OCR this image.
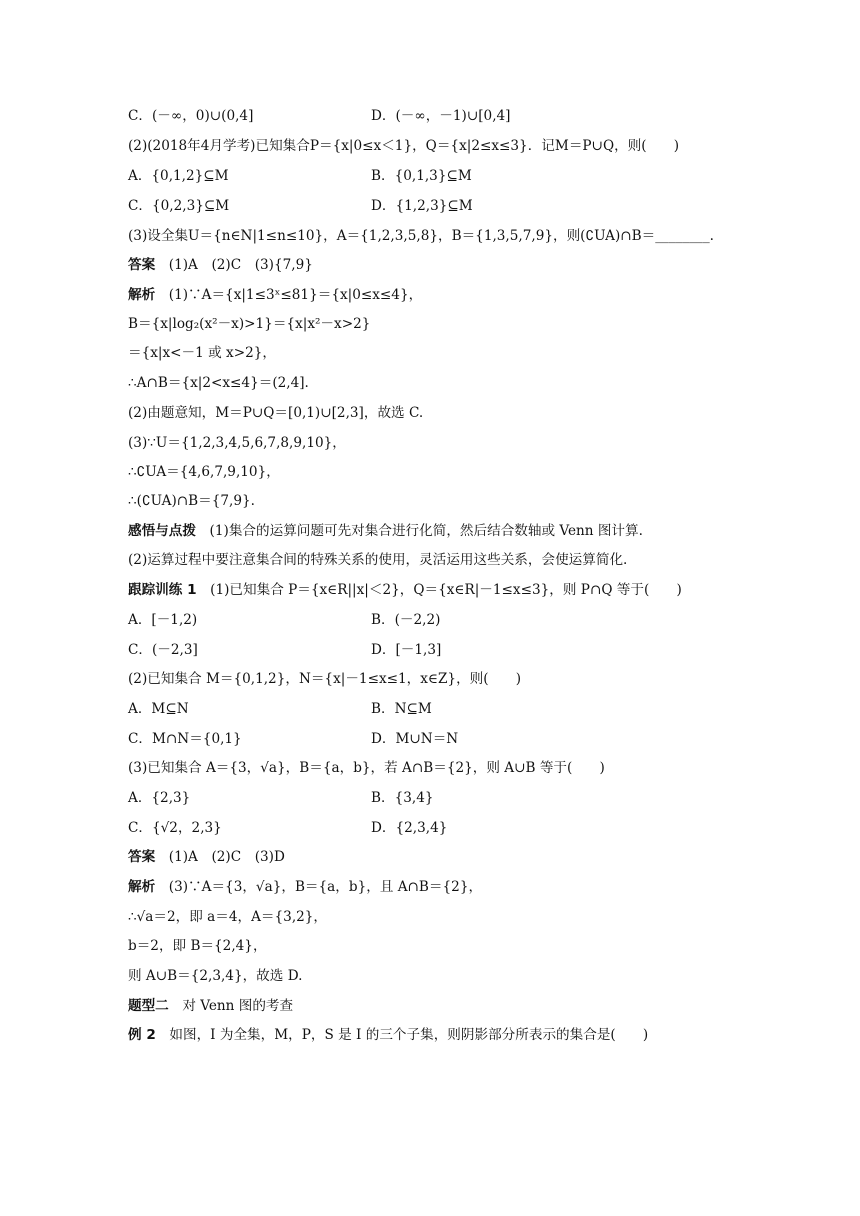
C．(－∞，0)∪(0,4]	D．(－∞，－1)∪[0,4]
(2)(2018年4月学考)已知集合P＝{x|0≤x＜1}，Q＝{x|2≤x≤3}．记M＝P∪Q，则(　　)
A．{0,1,2}⊆M	B．{0,1,3}⊆M
C．{0,2,3}⊆M	D．{1,2,3}⊆M
(3)设全集U＝{n∈N|1≤n≤10}，A＝{1,2,3,5,8}，B＝{1,3,5,7,9}，则(∁UA)∩B＝________.
答案　(1)A　(2)C　(3){7,9}
解析　(1)∵A＝{x|1≤3ˣ≤81}＝{x|0≤x≤4}，
B＝{x|log₂(x²－x)>1}＝{x|x²－x>2}
＝{x|x<－1 或 x>2}，
∴A∩B＝{x|2<x≤4}＝(2,4].
(2)由题意知，M＝P∪Q＝[0,1)∪[2,3]，故选 C.
(3)∵U＝{1,2,3,4,5,6,7,8,9,10}，
∴∁UA＝{4,6,7,9,10}，
∴(∁UA)∩B＝{7,9}.
感悟与点拨　(1)集合的运算问题可先对集合进行化简，然后结合数轴或 Venn 图计算.
(2)运算过程中要注意集合间的特殊关系的使用，灵活运用这些关系，会使运算简化.
跟踪训练 1　(1)已知集合 P＝{x∈R||x|＜2}，Q＝{x∈R|－1≤x≤3}，则 P∩Q 等于(　　)
A．[－1,2)	B．(－2,2)
C．(－2,3]	D．[－1,3]
(2)已知集合 M＝{0,1,2}，N＝{x|－1≤x≤1，x∈Z}，则(　　)
A．M⊆N	B．N⊆M
C．M∩N＝{0,1}	D．M∪N＝N
(3)已知集合 A＝{3，√a}，B＝{a，b}，若 A∩B＝{2}，则 A∪B 等于(　　)
A．{2,3}	B．{3,4}
C．{√2，2,3}	D．{2,3,4}
答案　(1)A　(2)C　(3)D
解析　(3)∵A＝{3，√a}，B＝{a，b}，且 A∩B＝{2}，
∴√a＝2，即 a＝4，A＝{3,2}，
b＝2，即 B＝{2,4}，
则 A∪B＝{2,3,4}，故选 D.
题型二　对 Venn 图的考查
例 2　如图，I 为全集，M，P，S 是 I 的三个子集，则阴影部分所表示的集合是(　　)
